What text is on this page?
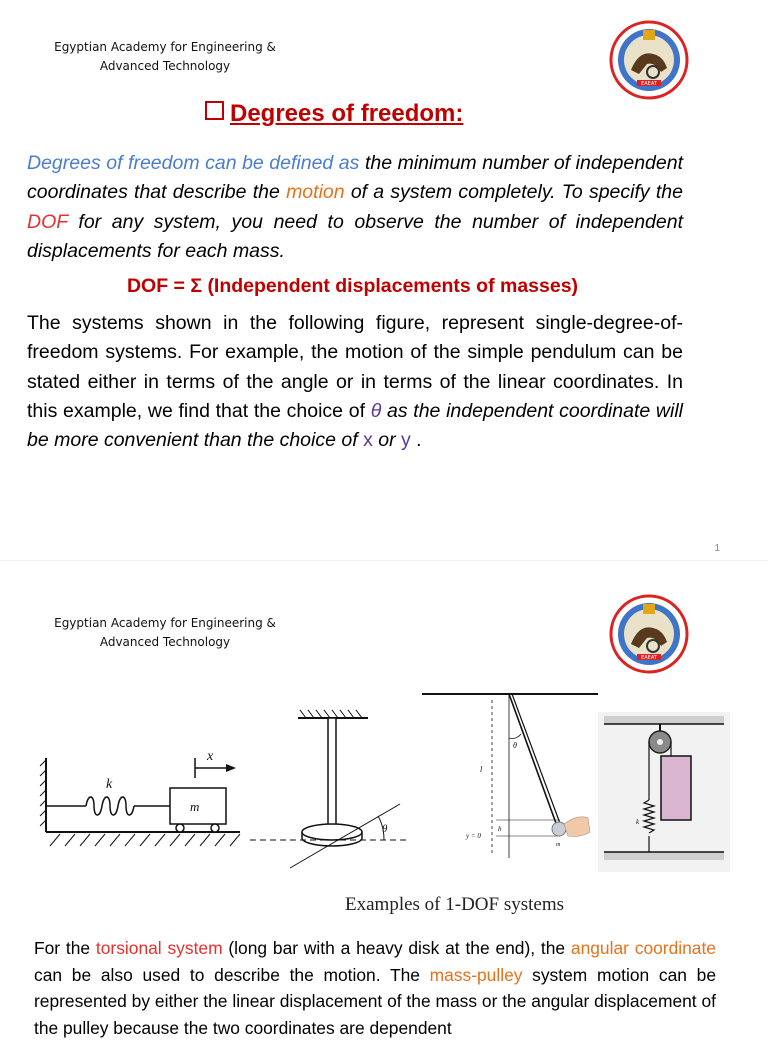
Egyptian Academy for Engineering &
Advanced Technology
EAEAT
Degrees of freedom:
Degrees of freedom can be defined as the minimum number of independent coordinates that describe the motion of a system completely. To specify the DOF for any system, you need to observe the number of independent displacements for each mass.
DOF = Σ (Independent displacements of masses)
The systems shown in the following figure, represent single-degree-of-freedom systems. For example, the motion of the simple pendulum can be stated either in terms of the angle or in terms of the linear coordinates. In this example, we find that the choice of θ as the independent coordinate will be more convenient than the choice of x or y .
1
Egyptian Academy for Engineering &
Advanced Technology
EAEAT
x
k
m
θ
θ
l
h
y = 0
m
k
Examples of 1-DOF systems
For the torsional system (long bar with a heavy disk at the end), the angular coordinate can be also used to describe the motion. The mass-pulley system motion can be represented by either the linear displacement of the mass or the angular displacement of the pulley because the two coordinates are dependent
